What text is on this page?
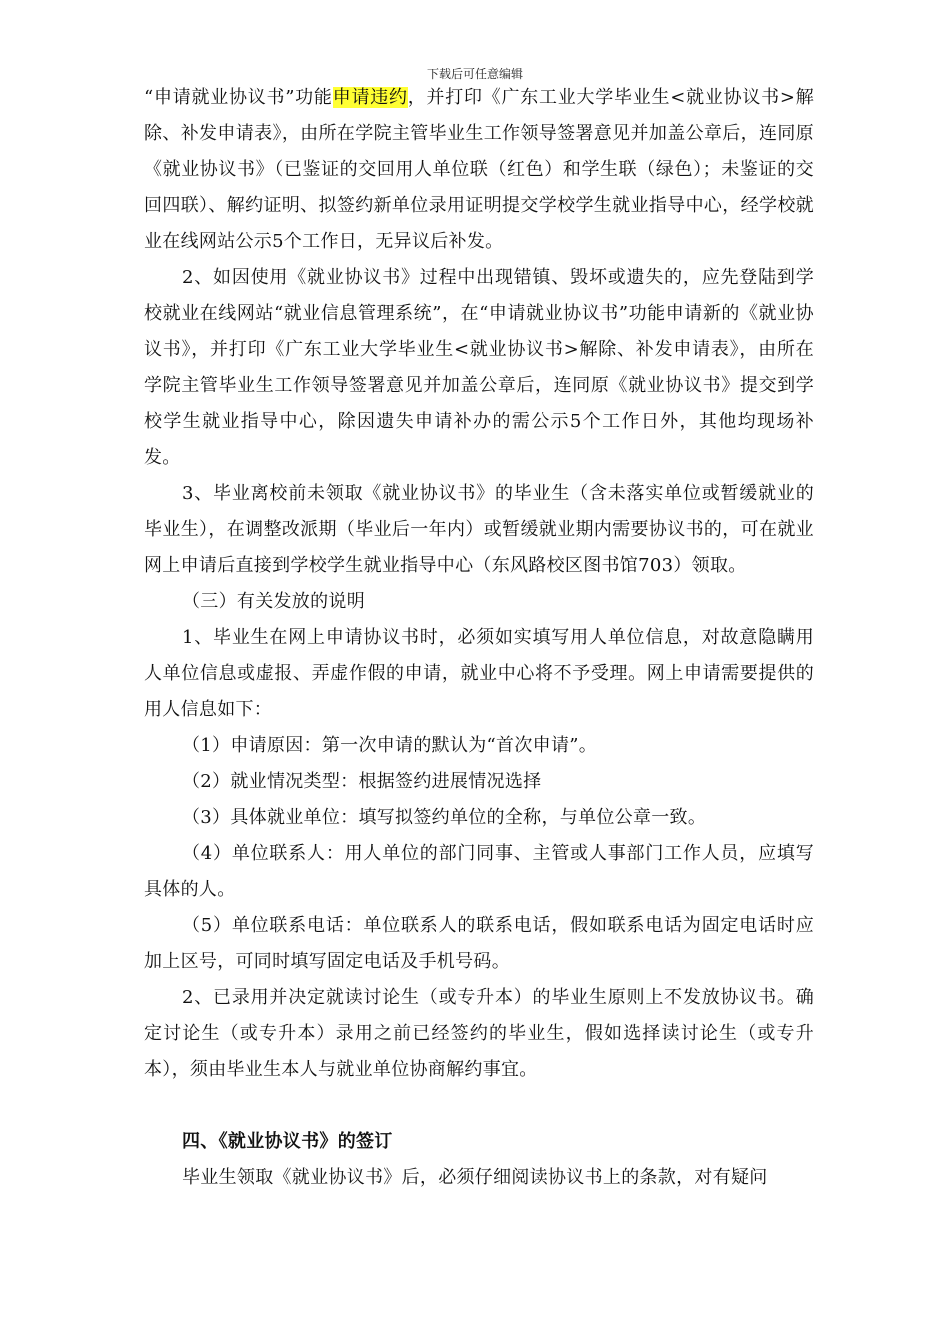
下载后可任意编辑

“申请就业协议书”功能申请违约，并打印《广东工业大学毕业生<就业协议书>解除、补发申请表》，由所在学院主管毕业生工作领导签署意见并加盖公章后，连同原《就业协议书》（已鉴证的交回用人单位联（红色）和学生联（绿色）；未鉴证的交回四联）、解约证明、拟签约新单位录用证明提交学校学生就业指导中心，经学校就业在线网站公示5个工作日，无异议后补发。

2、如因使用《就业协议书》过程中出现错镇、毁坏或遗失的，应先登陆到学校就业在线网站“就业信息管理系统”，在“申请就业协议书”功能申请新的《就业协议书》，并打印《广东工业大学毕业生<就业协议书>解除、补发申请表》，由所在学院主管毕业生工作领导签署意见并加盖公章后，连同原《就业协议书》提交到学校学生就业指导中心，除因遗失申请补办的需公示5个工作日外，其他均现场补发。

3、毕业离校前未领取《就业协议书》的毕业生（含未落实单位或暂缓就业的毕业生），在调整改派期（毕业后一年内）或暂缓就业期内需要协议书的，可在就业网上申请后直接到学校学生就业指导中心（东风路校区图书馆703）领取。

（三）有关发放的说明

1、毕业生在网上申请协议书时，必须如实填写用人单位信息，对故意隐瞒用人单位信息或虚报、弄虚作假的申请，就业中心将不予受理。网上申请需要提供的用人信息如下：

（1）申请原因：第一次申请的默认为“首次申请”。

（2）就业情况类型：根据签约进展情况选择

（3）具体就业单位：填写拟签约单位的全称，与单位公章一致。

（4）单位联系人：用人单位的部门同事、主管或人事部门工作人员，应填写具体的人。

（5）单位联系电话：单位联系人的联系电话，假如联系电话为固定电话时应加上区号，可同时填写固定电话及手机号码。

2、已录用并决定就读讨论生（或专升本）的毕业生原则上不发放协议书。确定讨论生（或专升本）录用之前已经签约的毕业生，假如选择读讨论生（或专升本），须由毕业生本人与就业单位协商解约事宜。

四、《就业协议书》的签订

毕业生领取《就业协议书》后，必须仔细阅读协议书上的条款，对有疑问
